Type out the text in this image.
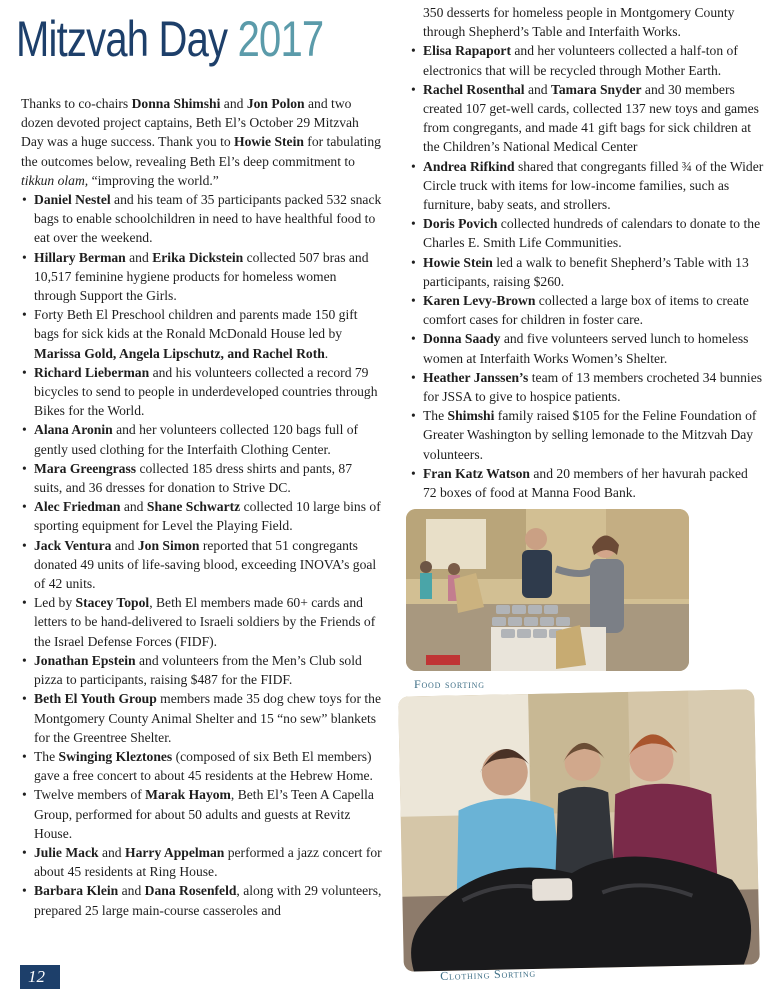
Mitzvah Day 2017

Thanks to co-chairs Donna Shimshi and Jon Polon and two dozen devoted project captains, Beth El’s October 29 Mitzvah Day was a huge success. Thank you to Howie Stein for tabulating the outcomes below, revealing Beth El’s deep commitment to tikkun olam, “improving the world.”

• Daniel Nestel and his team of 35 participants packed 532 snack bags to enable schoolchildren in need to have healthful food to eat over the weekend.
• Hillary Berman and Erika Dickstein collected 507 bras and 10,517 feminine hygiene products for homeless women through Support the Girls.
• Forty Beth El Preschool children and parents made 150 gift bags for sick kids at the Ronald McDonald House led by Marissa Gold, Angela Lipschutz, and Rachel Roth.
• Richard Lieberman and his volunteers collected a record 79 bicycles to send to people in underdeveloped countries through Bikes for the World.
• Alana Aronin and her volunteers collected 120 bags full of gently used clothing for the Interfaith Clothing Center.
• Mara Greengrass collected 185 dress shirts and pants, 87 suits, and 36 dresses for donation to Strive DC.
• Alec Friedman and Shane Schwartz collected 10 large bins of sporting equipment for Level the Playing Field.
• Jack Ventura and Jon Simon reported that 51 congregants donated 49 units of life-saving blood, exceeding INOVA’s goal of 42 units.
• Led by Stacey Topol, Beth El members made 60+ cards and letters to be hand-delivered to Israeli soldiers by the Friends of the Israel Defense Forces (FIDF).
• Jonathan Epstein and volunteers from the Men’s Club sold pizza to participants, raising $487 for the FIDF.
• Beth El Youth Group members made 35 dog chew toys for the Montgomery County Animal Shelter and 15 “no sew” blankets for the Greentree Shelter.
• The Swinging Kleztones (composed of six Beth El members) gave a free concert to about 45 residents at the Hebrew Home.
• Twelve members of Marak Hayom, Beth El’s Teen A Capella Group, performed for about 50 adults and guests at Revitz House.
• Julie Mack and Harry Appelman performed a jazz concert for about 45 residents at Ring House.
• Barbara Klein and Dana Rosenfeld, along with 29 volunteers, prepared 25 large main-course casseroles and

350 desserts for homeless people in Montgomery County through Shepherd’s Table and Interfaith Works.

• Elisa Rapaport and her volunteers collected a half-ton of electronics that will be recycled through Mother Earth.
• Rachel Rosenthal and Tamara Snyder and 30 members created 107 get-well cards, collected 137 new toys and games from congregants, and made 41 gift bags for sick children at the Children’s National Medical Center
• Andrea Rifkind shared that congregants filled ¾ of the Wider Circle truck with items for low-income families, such as furniture, baby seats, and strollers.
• Doris Povich collected hundreds of calendars to donate to the Charles E. Smith Life Communities.
• Howie Stein led a walk to benefit Shepherd’s Table with 13 participants, raising $260.
• Karen Levy-Brown collected a large box of items to create comfort cases for children in foster care.
• Donna Saady and five volunteers served lunch to homeless women at Interfaith Works Women’s Shelter.
• Heather Janssen’s team of 13 members crocheted 34 bunnies for JSSA to give to hospice patients.
• The Shimshi family raised $105 for the Feline Foundation of Greater Washington by selling lemonade to the Mitzvah Day volunteers.
• Fran Katz Watson and 20 members of her havurah packed 72 boxes of food at Manna Food Bank.
Food sorting
Clothing Sorting
12
